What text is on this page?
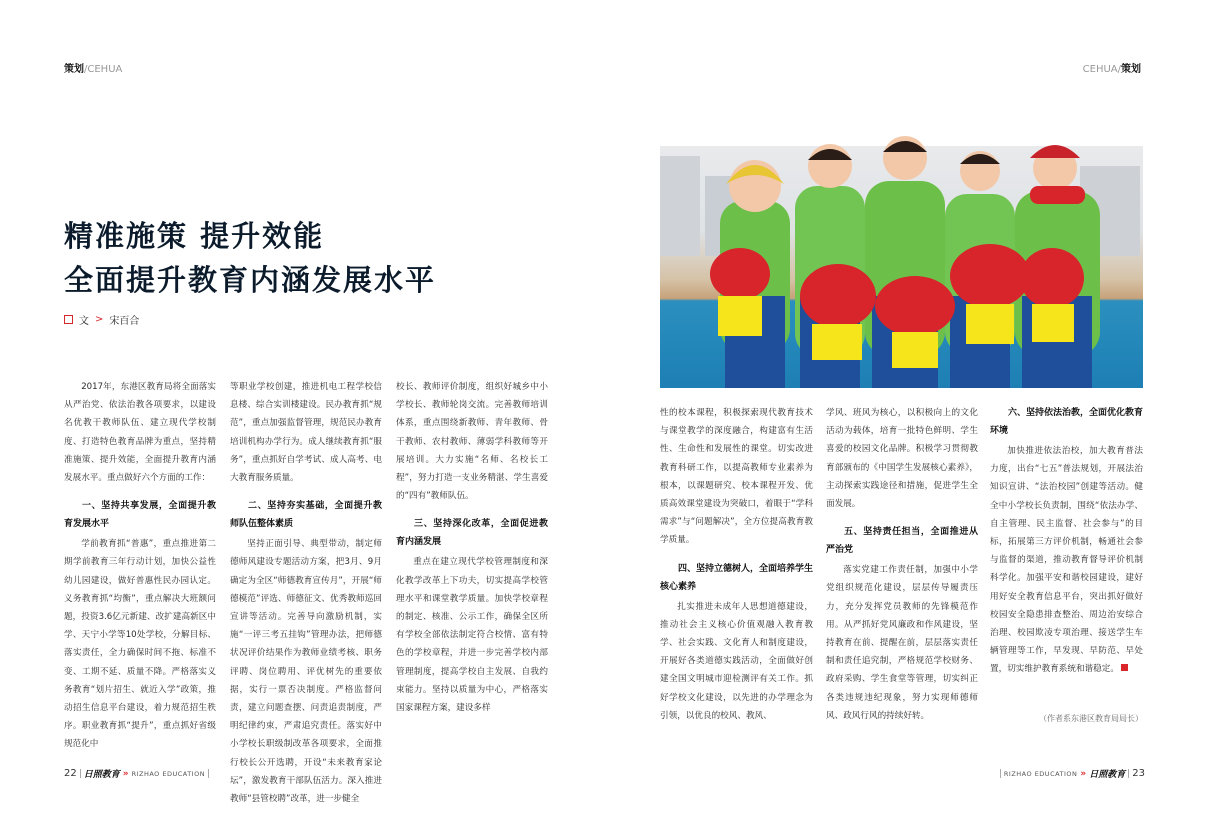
策划/CEHUA	CEHUA/策划
精准施策 提升效能
全面提升教育内涵发展水平
文 > 宋百合

2017年，东港区教育局将全面落实从严治党、依法治教各项要求，以建设名优教干教师队伍、建立现代学校制度、打造特色教育品牌为重点，坚持精准施策、提升效能，全面提升教育内涵发展水平。重点做好六个方面的工作：

一、坚持共享发展，全面提升教育发展水平

学前教育抓“普惠”，重点推进第二期学前教育三年行动计划，加快公益性幼儿园建设，做好普惠性民办园认定。义务教育抓“均衡”，重点解决大班额问题，投资3.6亿元新建、改扩建高新区中学、天宁小学等10处学校，分解目标、落实责任，全力确保时间不拖、标准不变、工期不延、质量不降。严格落实义务教育“划片招生、就近入学”政策，推动招生信息平台建设，着力规范招生秩序。职业教育抓“提升”，重点抓好省级规范化中

等职业学校创建，推进机电工程学校信息楼、综合实训楼建设。民办教育抓“规范”，重点加强监督管理，规范民办教育培训机构办学行为。成人继续教育抓“服务”，重点抓好自学考试、成人高考、电大教育服务质量。

二、坚持夯实基础，全面提升教师队伍整体素质

坚持正面引导、典型带动，制定师德师风建设专题活动方案，把3月、9月确定为全区“师德教育宣传月”，开展“师德模范”评选、师德征文、优秀教师巡回宣讲等活动。完善导向激励机制，实施“一评三考五挂钩”管理办法，把师德状况评价结果作为教师业绩考核、职务评聘、岗位聘用、评优树先的重要依据，实行一票否决制度。严格监督问责，建立问题查摆、问责追责制度，严明纪律约束，严肃追究责任。落实好中小学校长职级制改革各项要求，全面推行校长公开选聘，开设“未来教育家论坛”，激发教育干部队伍活力。深入推进教师“县管校聘”改革，进一步健全

校长、教师评价制度，组织好城乡中小学校长、教师轮岗交流。完善教师培训体系，重点围绕新教师、青年教师、骨干教师、农村教师、薄弱学科教师等开展培训。大力实施“名师、名校长工程”，努力打造一支业务精湛、学生喜爱的“四有”教师队伍。

三、坚持深化改革，全面促进教育内涵发展

重点在建立现代学校管理制度和深化教学改革上下功夫，切实提高学校管理水平和课堂教学质量。加快学校章程的制定、核准、公示工作，确保全区所有学校全部依法制定符合校情、富有特色的学校章程，并进一步完善学校内部管理制度，提高学校自主发展、自我约束能力。坚持以质量为中心，严格落实国家课程方案，建设多样

性的校本课程，积极探索现代教育技术与课堂教学的深度融合，构建富有生活性、生命性和发展性的课堂。切实改进教育科研工作，以提高教师专业素养为根本，以课题研究、校本课程开发、优质高效课堂建设为突破口，着眼于“学科需求”与“问题解决”，全方位提高教育教学质量。

四、坚持立德树人，全面培养学生核心素养

扎实推进未成年人思想道德建设，推动社会主义核心价值观融入教育教学、社会实践、文化育人和制度建设，开展好各类道德实践活动，全面做好创建全国文明城市迎检测评有关工作。抓好学校文化建设，以先进的办学理念为引领，以优良的校风、教风、

学风、班风为核心，以积极向上的文化活动为载体，培育一批特色鲜明、学生喜爱的校园文化品牌。积极学习贯彻教育部颁布的《中国学生发展核心素养》，主动探索实践途径和措施，促进学生全面发展。

五、坚持责任担当，全面推进从严治党

落实党建工作责任制，加强中小学党组织规范化建设，层层传导履责压力，充分发挥党员教师的先锋模范作用。从严抓好党风廉政和作风建设，坚持教育在前、提醒在前，层层落实责任制和责任追究制，严格规范学校财务、政府采购、学生食堂等管理，切实纠正各类违规违纪现象，努力实现师德师风、政风行风的持续好转。

六、坚持依法治教，全面优化教育环境

加快推进依法治校，加大教育普法力度，出台“七五”普法规划，开展法治知识宣讲、“法治校园”创建等活动。健全中小学校长负责制，围绕“依法办学、自主管理、民主监督、社会参与”的目标，拓展第三方评价机制，畅通社会参与监督的渠道，推动教育督导评价机制科学化。加强平安和谐校园建设，建好用好安全教育信息平台，突出抓好做好校园安全隐患排查整治、周边治安综合治理、校园欺凌专项治理、接送学生车辆管理等工作，早发现、早防范、早处置，切实维护教育系统和谐稳定。

（作者系东港区教育局局长）
22 日照教育 » RIZHAO EDUCATION	RIZHAO EDUCATION » 日照教育 23
